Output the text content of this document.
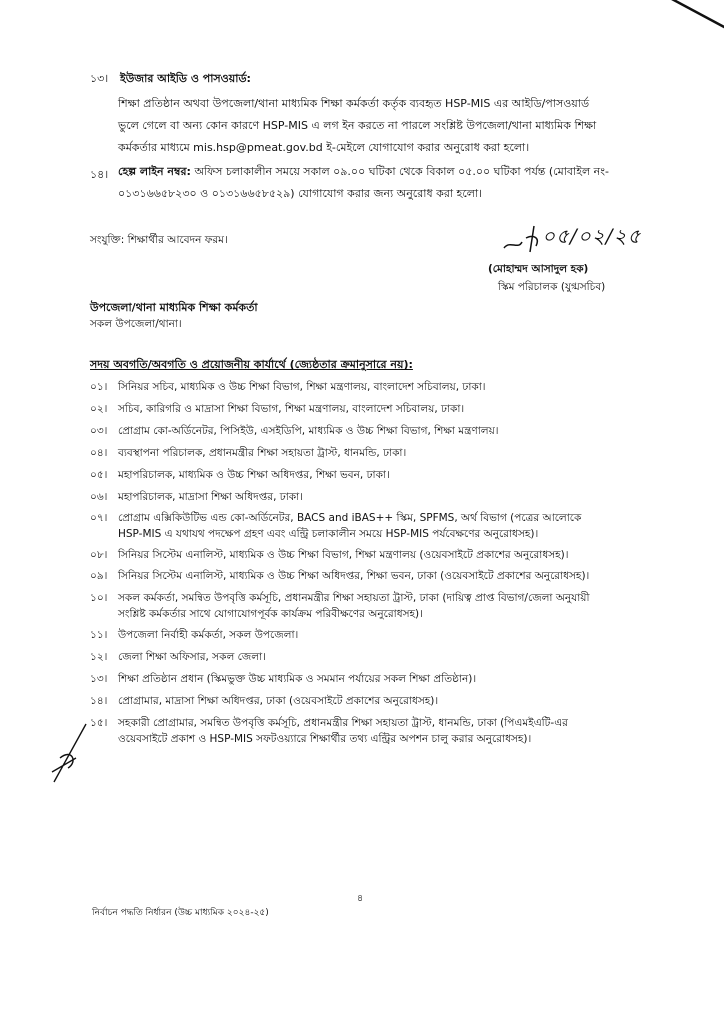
১৩।	ইউজার আইডি ও পাসওয়ার্ড:
শিক্ষা প্রতিষ্ঠান অথবা উপজেলা/থানা মাধ্যমিক শিক্ষা কর্মকর্তা কর্তৃক ব্যবহৃত HSP-MIS এর আইডি/পাসওয়ার্ড
ভুলে গেলে বা অন্য কোন কারণে HSP-MIS এ লগ ইন করতে না পারলে সংশ্লিষ্ট উপজেলা/থানা মাধ্যমিক শিক্ষা
কর্মকর্তার মাধ্যমে mis.hsp@pmeat.gov.bd ই-মেইলে যোগাযোগ করার অনুরোধ করা হলো।
১৪। হেল্প লাইন নম্বর: অফিস চলাকালীন সময়ে সকাল ০৯.০০ ঘটিকা থেকে বিকাল ০৫.০০ ঘটিকা পর্যন্ত (মোবাইল নং-
০১৩১৬৬৫৮২৩০ ও ০১৩১৬৬৫৮৫২৯) যোগাযোগ করার জন্য অনুরোধ করা হলো।
সংযুক্তি: শিক্ষার্থীর আবেদন ফরম।	০৫/০২/২৫
(মোহাম্মদ আসাদুল হক)
স্কিম পরিচালক (যুগ্মসচিব)
উপজেলা/থানা মাধ্যমিক শিক্ষা কর্মকর্তা
সকল উপজেলা/থানা।
সদয় অবগতি/অবগতি ও প্রয়োজনীয় কার্যার্থে (জ্যেষ্ঠতার ক্রমানুসারে নয়):
০১।	সিনিয়র সচিব, মাধ্যমিক ও উচ্চ শিক্ষা বিভাগ, শিক্ষা মন্ত্রণালয়, বাংলাদেশ সচিবালয়, ঢাকা।
০২।	সচিব, কারিগরি ও মাদ্রাসা শিক্ষা বিভাগ, শিক্ষা মন্ত্রণালয়, বাংলাদেশ সচিবালয়, ঢাকা।
০৩।	প্রোগ্রাম কো-অর্ডিনেটর, পিসিইউ, এসইডিপি, মাধ্যমিক ও উচ্চ শিক্ষা বিভাগ, শিক্ষা মন্ত্রণালয়।
০৪।	ব্যবস্থাপনা পরিচালক, প্রধানমন্ত্রীর শিক্ষা সহায়তা ট্রাস্ট, ধানমন্ডি, ঢাকা।
০৫।	মহাপরিচালক, মাধ্যমিক ও উচ্চ শিক্ষা অধিদপ্তর, শিক্ষা ভবন, ঢাকা।
০৬।	মহাপরিচালক, মাদ্রাসা শিক্ষা অধিদপ্তর, ঢাকা।
০৭।	প্রোগ্রাম এক্সিকিউটিভ এন্ড কো-অর্ডিনেটর, BACS and iBAS++ স্কিম, SPFMS, অর্থ বিভাগ (পত্রের আলোকে
HSP-MIS এ যথাযথ পদক্ষেপ গ্রহণ এবং এন্ট্রি চলাকালীন সময়ে HSP-MIS পর্যবেক্ষণের অনুরোধসহ)।
০৮।	সিনিয়র সিস্টেম এনালিস্ট, মাধ্যমিক ও উচ্চ শিক্ষা বিভাগ, শিক্ষা মন্ত্রণালয় (ওয়েবসাইটে প্রকাশের অনুরোধসহ)।
০৯।	সিনিয়র সিস্টেম এনালিস্ট, মাধ্যমিক ও উচ্চ শিক্ষা অধিদপ্তর, শিক্ষা ভবন, ঢাকা (ওয়েবসাইটে প্রকাশের অনুরোধসহ)।
১০।	সকল কর্মকর্তা, সমন্বিত উপবৃত্তি কর্মসূচি, প্রধানমন্ত্রীর শিক্ষা সহায়তা ট্রাস্ট, ঢাকা (দায়িত্ব প্রাপ্ত বিভাগ/জেলা অনুযায়ী
সংশ্লিষ্ট কর্মকর্তার সাথে যোগাযোগপূর্বক কার্যক্রম পরিবীক্ষণের অনুরোধসহ)।
১১।	উপজেলা নির্বাহী কর্মকর্তা, সকল উপজেলা।
১২।	জেলা শিক্ষা অফিসার, সকল জেলা।
১৩।	শিক্ষা প্রতিষ্ঠান প্রধান (স্কিমভুক্ত উচ্চ মাধ্যমিক ও সমমান পর্যায়ের সকল শিক্ষা প্রতিষ্ঠান)।
১৪।	প্রোগ্রামার, মাদ্রাসা শিক্ষা অধিদপ্তর, ঢাকা (ওয়েবসাইটে প্রকাশের অনুরোধসহ)।
১৫।	সহকারী প্রোগ্রামার, সমন্বিত উপবৃত্তি কর্মসূচি, প্রধানমন্ত্রীর শিক্ষা সহায়তা ট্রাস্ট, ধানমন্ডি, ঢাকা (পিএমইএটি-এর
ওয়েবসাইটে প্রকাশ ও HSP-MIS সফটওয়্যারে শিক্ষার্থীর তথ্য এন্ট্রির অপশন চালু করার অনুরোধসহ)।
৪
নির্বাচন পদ্ধতি নির্ধারন (উচ্চ মাধ্যমিক ২০২৪-২৫)
